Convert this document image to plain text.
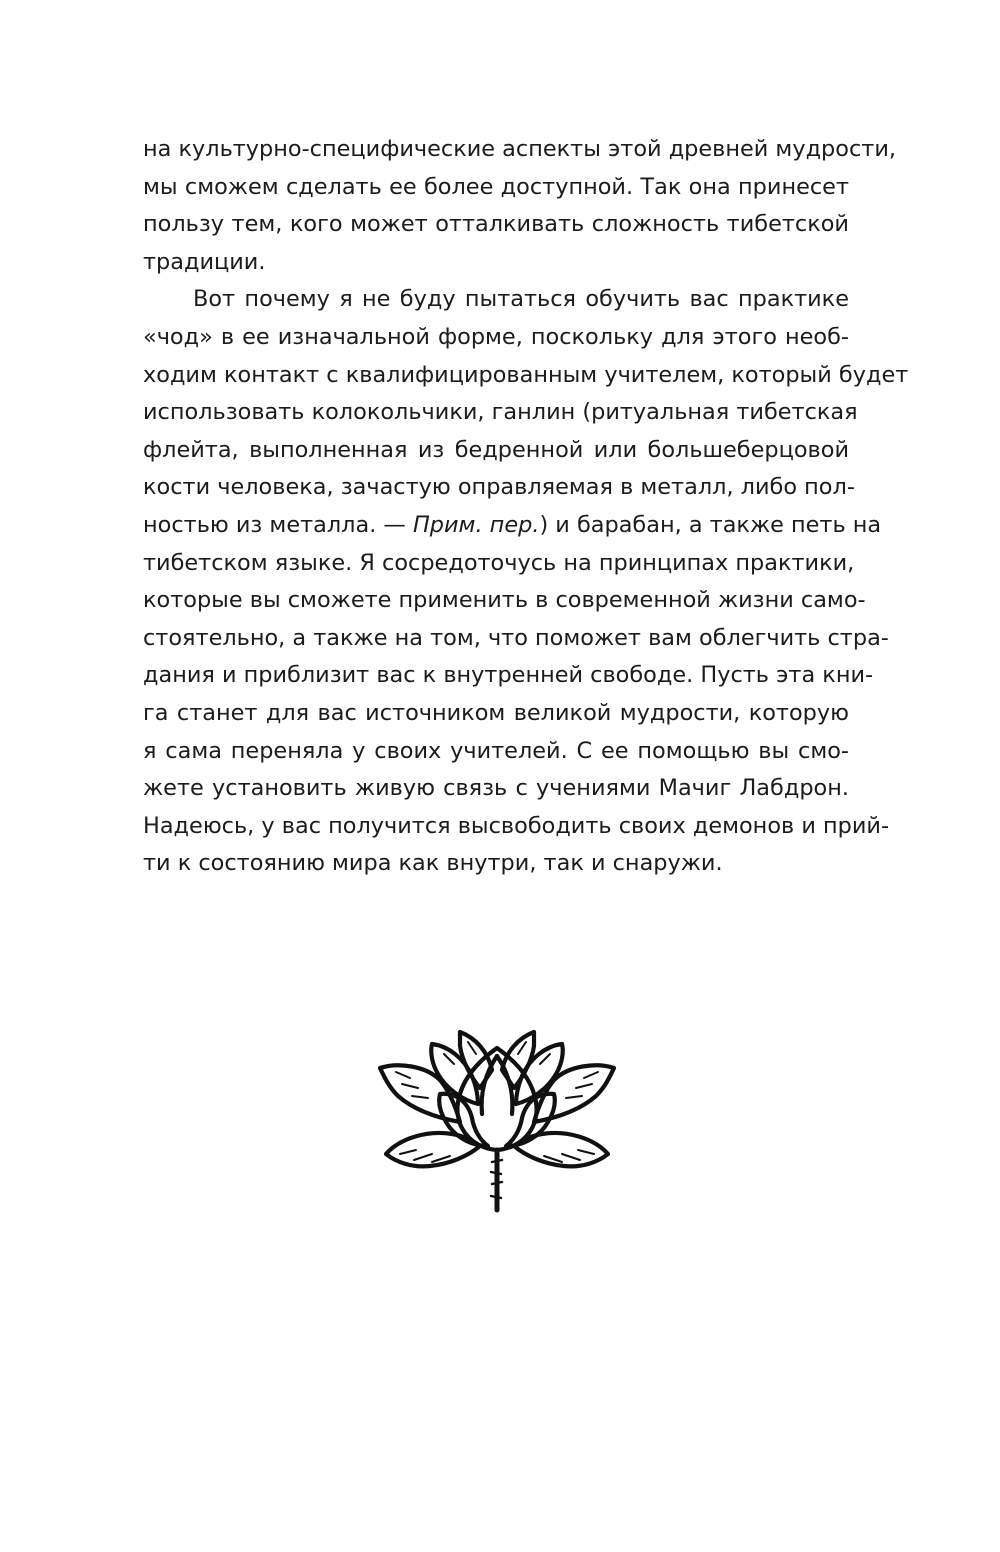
на культурно-специфические аспекты этой древней мудрости,
мы сможем сделать ее более доступной. Так она принесет
пользу тем, кого может отталкивать сложность тибетской
традиции.
Вот почему я не буду пытаться обучить вас практике
«чод» в ее изначальной форме, поскольку для этого необ-
ходим контакт с квалифицированным учителем, который будет
использовать колокольчики, ганлин (ритуальная тибетская
флейта, выполненная из бедренной или большеберцовой
кости человека, зачастую оправляемая в металл, либо пол-
ностью из металла. — Прим. пер.) и барабан, а также петь на
тибетском языке. Я сосредоточусь на принципах практики,
которые вы сможете применить в современной жизни само-
стоятельно, а также на том, что поможет вам облегчить стра-
дания и приблизит вас к внутренней свободе. Пусть эта кни-
га станет для вас источником великой мудрости, которую
я сама переняла у своих учителей. С ее помощью вы смо-
жете установить живую связь с учениями Мачиг Лабдрон.
Надеюсь, у вас получится высвободить своих демонов и прий-
ти к состоянию мира как внутри, так и снаружи.
